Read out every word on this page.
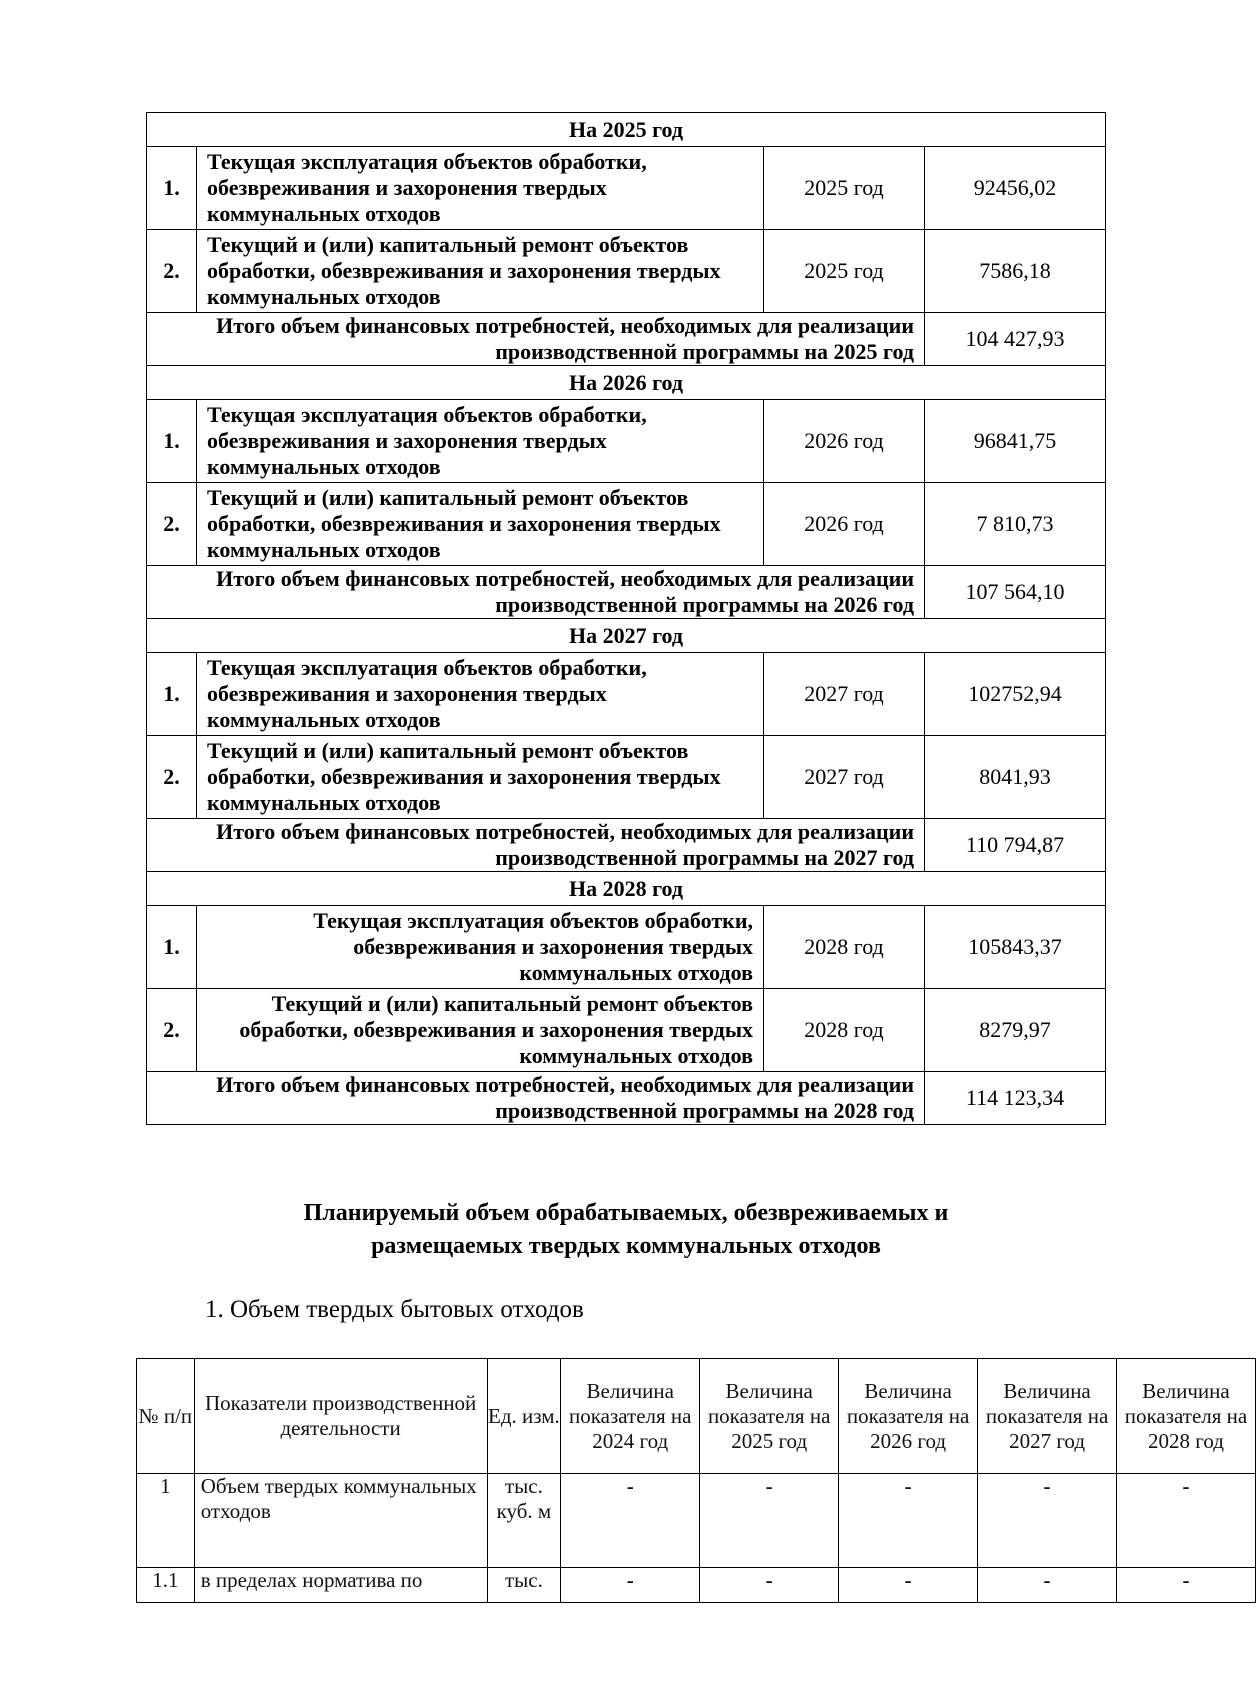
На 2025 год			
1.	Текущая эксплуатация объектов обработки, обезвреживания и захоронения твердых коммунальных отходов	2025 год	92456,02
2.	Текущий и (или) капитальный ремонт объектов обработки, обезвреживания и захоронения твердых коммунальных отходов	2025 год	7586,18
Итого объем финансовых потребностей, необходимых для реализации производственной программы на 2025 год			104 427,93
На 2026 год			
1.	Текущая эксплуатация объектов обработки, обезвреживания и захоронения твердых коммунальных отходов	2026 год	96841,75
2.	Текущий и (или) капитальный ремонт объектов обработки, обезвреживания и захоронения твердых коммунальных отходов	2026 год	7 810,73
Итого объем финансовых потребностей, необходимых для реализации производственной программы на 2026 год			107 564,10
На 2027 год			
1.	Текущая эксплуатация объектов обработки, обезвреживания и захоронения твердых коммунальных отходов	2027 год	102752,94
2.	Текущий и (или) капитальный ремонт объектов обработки, обезвреживания и захоронения твердых коммунальных отходов	2027 год	8041,93
Итого объем финансовых потребностей, необходимых для реализации производственной программы на 2027 год			110 794,87
На 2028 год			
1.	Текущая эксплуатация объектов обработки, обезвреживания и захоронения твердых коммунальных отходов	2028 год	105843,37
2.	Текущий и (или) капитальный ремонт объектов обработки, обезвреживания и захоронения твердых коммунальных отходов	2028 год	8279,97
Итого объем финансовых потребностей, необходимых для реализации производственной программы на 2028 год			114 123,34
Планируемый объем обрабатываемых, обезвреживаемых и
размещаемых твердых коммунальных отходов
1. Объем твердых бытовых отходов
№ п/п	Показатели производственной деятельности	Ед. изм.	Величина показателя на 2024 год	Величина показателя на 2025 год	Величина показателя на 2026 год	Величина показателя на 2027 год	Величина показателя на 2028 год
1	Объем твердых коммунальных отходов	тыс. куб. м	-	-	-	-	-
1.1	в пределах норматива по	тыс.	-	-	-	-	-
